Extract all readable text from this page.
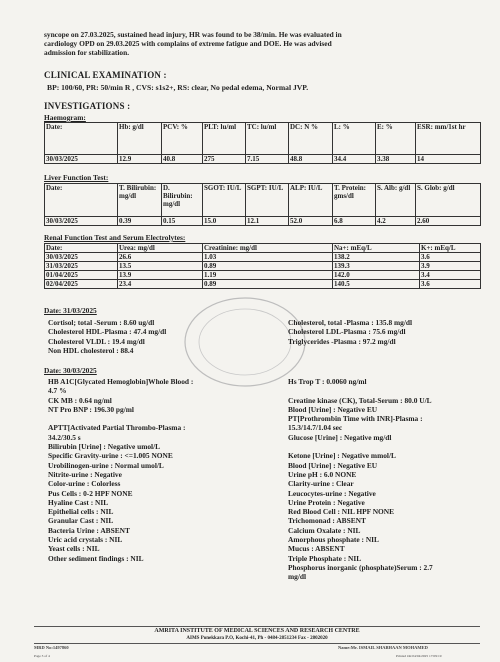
syncope on 27.03.2025, sustained head injury, HR was found to be 38/min. He was evaluated in
cardiology OPD on 29.03.2025 with complains of extreme fatigue and DOE. He was advised
admission for stabilization.
CLINICAL EXAMINATION :
BP: 100/60, PR: 50/min R , CVS: s1s2+, RS: clear, No pedal edema, Normal JVP.
INVESTIGATIONS :
Haemogram:
Date:	Hb: g/dl	PCV: %	PLT: lu/ml	TC: lu/ml	DC: N %	L: %	E: %	ESR: mm/1st hr
30/03/2025	12.9	40.8	275	7.15	48.8	34.4	3.38	14
Liver Function Test:
Date:	T. Bilirubin: mg/dl	D. Bilirubin: mg/dl	SGOT: IU/L	SGPT: IU/L	ALP: IU/L	T. Protein: gms/dl	S. Alb: g/dl	S. Glob: g/dl
30/03/2025	0.39	0.15	15.0	12.1	52.0	6.8	4.2	2.60
Renal Function Test and Serum Electrolytes:
Date:	Urea: mg/dl	Creatinine: mg/dl	Na+: mEq/L	K+: mEq/L
30/03/2025	26.6	1.03	138.2	3.6
31/03/2025	13.5	0.89	139.3	3.9
01/04/2025	13.9	1.19	142.0	3.4
02/04/2025	23.4	0.89	140.5	3.6
Date: 31/03/2025
Cortisol; total -Serum : 8.60 ug/dl
Cholesterol HDL-Plasma : 47.4 mg/dl
Cholesterol VLDL : 19.4 mg/dl
Non HDL cholesterol : 88.4
Cholesterol, total -Plasma : 135.8 mg/dl
Cholesterol LDL-Plasma : 75.6 mg/dl
Triglycerides -Plasma : 97.2 mg/dl
Date: 30/03/2025
HB A1C[Glycated Hemoglobin]Whole Blood :
4.7 %
CK MB : 0.64 ng/ml
NT Pro BNP : 196.30 pg/ml

APTT[Activated Partial Thrombo-Plasma :
34.2/30.5 s
Bilirubin [Urine] : Negative umol/L
Specific Gravity-urine : <=1.005 NONE
Urobilinogen-urine : Normal umol/L
Nitrite-urine : Negative
Color-urine : Colorless
Pus Cells : 0-2 HPF NONE
Hyaline Cast : NIL
Epithelial cells : NIL
Granular Cast : NIL
Bacteria Urine : ABSENT
Uric acid crystals : NIL
Yeast cells : NIL
Other sediment findings : NIL
Hs Trop T : 0.0060 ng/ml

Creatine kinase (CK), Total-Serum : 80.0 U/L
Blood [Urine] : Negative EU
PT[Prothrombin Time with INR]-Plasma :
15.3/14.7/1.04 sec
Glucose [Urine] : Negative mg/dl

Ketone [Urine] : Negative mmol/L
Blood [Urine] : Negative EU
Urine pH : 6.0 NONE
Clarity-urine : Clear
Leucocytes-urine : Negative
Urine Protein : Negative
Red Blood Cell : NIL HPF NONE
Trichomonad : ABSENT
Calcium Oxalate : NIL
Amorphous phosphate : NIL
Mucus : ABSENT
Triple Phosphate : NIL
Phosphorus inorganic (phosphate)Serum : 2.7
mg/dl
AMRITA INSTITUTE OF MEDICAL SCIENCES AND RESEARCH CENTRE
AIMS Ponekkara P.O, Kochi-41, Ph - 0484-2851234 Fax - 2802020
MRD No:1497860	Name:Mr. ISMAIL SHABHAAN MOHAMED
Page 3 of 4	Printed On:04/04/2025 17:09:19
